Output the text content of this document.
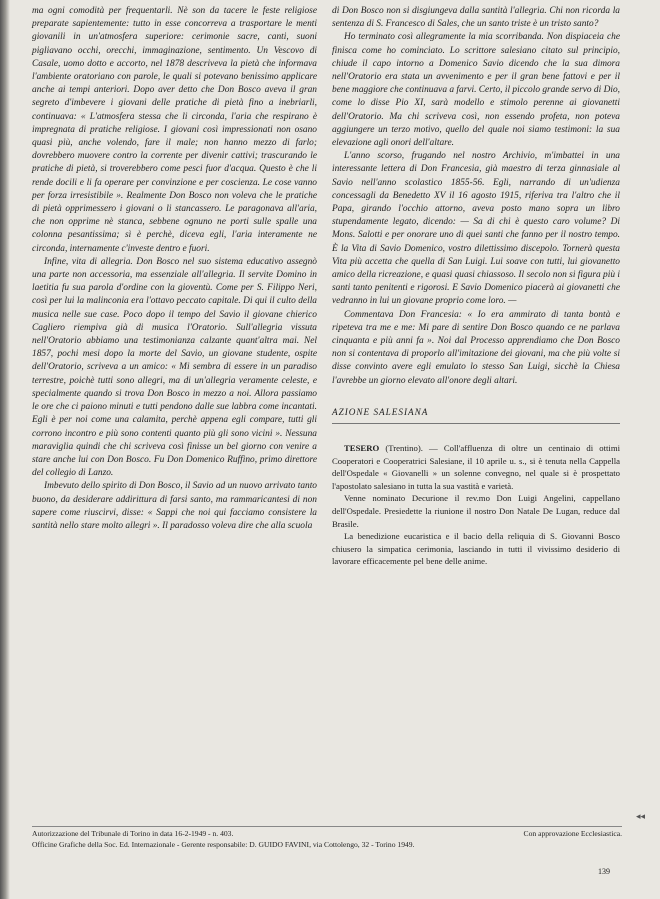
ma ogni comodità per frequentarli. Nè son da tacere le feste religiose preparate sapientemente: tutto in esse concorreva a trasportare le menti giovanili in un'atmosfera superiore: cerimonie sacre, canti, suoni pigliavano occhi, orecchi, immaginazione, sentimento. Un Vescovo di Casale, uomo dotto e accorto, nel 1878 descriveva la pietà che informava l'ambiente oratoriano con parole, le quali si potevano benissimo applicare anche ai tempi anteriori. Dopo aver detto che Don Bosco aveva il gran segreto d'imbevere i giovani delle pratiche di pietà fino a inebriarli, continuava: « L'atmosfera stessa che li circonda, l'aria che respirano è impregnata di pratiche religiose. I giovani così impressionati non osano quasi più, anche volendo, fare il male; non hanno mezzo di farlo; dovrebbero muovere contro la corrente per divenir cattivi; trascurando le pratiche di pietà, si troverebbero come pesci fuor d'acqua. Questo è che li rende docili e li fa operare per convinzione e per coscienza. Le cose vanno per forza irresistibile ». Realmente Don Bosco non voleva che le pratiche di pietà opprimessero i giovani o li stancassero. Le paragonava all'aria, che non opprime nè stanca, sebbene ognuno ne porti sulle spalle una colonna pesantissima; sì è perchè, diceva egli, l'aria interamente ne circonda, internamente c'investe dentro e fuori.

Infine, vita di allegria. Don Bosco nel suo sistema educativo assegnò una parte non accessoria, ma essenziale all'allegria. Il servite Domino in laetitia fu sua parola d'ordine con la gioventù. Come per S. Filippo Neri, così per lui la malinconia era l'ottavo peccato capitale. Di qui il culto della musica nelle sue case. Poco dopo il tempo del Savio il giovane chierico Cagliero riempiva già di musica l'Oratorio. Sull'allegria vissuta nell'Oratorio abbiamo una testimonianza calzante quant'altra mai. Nel 1857, pochi mesi dopo la morte del Savio, un giovane studente, ospite dell'Oratorio, scriveva a un amico: « Mi sembra di essere in un paradiso terrestre, poichè tutti sono allegri, ma di un'allegria veramente celeste, e specialmente quando si trova Don Bosco in mezzo a noi. Allora passiamo le ore che ci paiono minuti e tutti pendono dalle sue labbra come incantati. Egli è per noi come una calamita, perchè appena egli compare, tutti gli corrono incontro e più sono contenti quanto più gli sono vicini ». Nessuna maraviglia quindi che chi scriveva così finisse un bel giorno con venire a stare anche lui con Don Bosco. Fu Don Domenico Ruffino, primo direttore del collegio di Lanzo.

Imbevuto dello spirito di Don Bosco, il Savio ad un nuovo arrivato tanto buono, da desiderare addirittura di farsi santo, ma rammaricantesi di non sapere come riuscirvi, disse: « Sappi che noi qui facciamo consistere la santità nello stare molto allegri ». Il paradosso voleva dire che alla scuola

di Don Bosco non si disgiungeva dalla santità l'allegria. Chi non ricorda la sentenza di S. Francesco di Sales, che un santo triste è un tristo santo?

Ho terminato così allegramente la mia scorribanda. Non dispiaceia che finisca come ho cominciato. Lo scrittore salesiano citato sul principio, chiude il capo intorno a Domenico Savio dicendo che la sua dimora nell'Oratorio era stata un avvenimento e per il gran bene fattovi e per il bene maggiore che continuava a farvi. Certo, il piccolo grande servo di Dio, come lo disse Pio XI, sarà modello e stimolo perenne ai giovanetti dell'Oratorio. Ma chi scriveva così, non essendo profeta, non poteva aggiungere un terzo motivo, quello del quale noi siamo testimoni: la sua elevazione agli onori dell'altare.

L'anno scorso, frugando nel nostro Archivio, m'imbattei in una interessante lettera di Don Francesia, già maestro di terza ginnasiale al Savio nell'anno scolastico 1855-56. Egli, narrando di un'udienza concessagli da Benedetto XV il 16 agosto 1915, riferiva tra l'altro che il Papa, girando l'occhio attorno, aveva posto mano sopra un libro stupendamente legato, dicendo: — Sa di chi è questo caro volume? Di Mons. Salotti e per onorare uno di quei santi che fanno per il nostro tempo. È la Vita di Savio Domenico, vostro dilettissimo discepolo. Tornerà questa Vita più accetta che quella di San Luigi. Lui soave con tutti, lui giovanetto amico della ricreazione, e quasi quasi chiassoso. Il secolo non si figura più i santi tanto penitenti e rigorosi. E Savio Domenico piacerà ai giovanetti che vedranno in lui un giovane proprio come loro. —

Commentava Don Francesia: « Io era ammirato di tanta bontà e ripeteva tra me e me: Mi pare di sentire Don Bosco quando ce ne parlava cinquanta e più anni fa ». Noi dal Processo apprendiamo che Don Bosco non si contentava di proporlo all'imitazione dei giovani, ma che più volte si disse convinto avere egli emulato lo stesso San Luigi, sicchè la Chiesa l'avrebbe un giorno elevato all'onore degli altari.

AZIONE SALESIANA

TESERO (Trentino). — Coll'affluenza di oltre un centinaio di ottimi Cooperatori e Cooperatrici Salesiane, il 10 aprile u. s., si è tenuta nella Cappella dell'Ospedale « Giovanelli » un solenne convegno, nel quale si è prospettato l'apostolato salesiano in tutta la sua vastità e varietà.

Venne nominato Decurione il rev.mo Don Luigi Angelini, cappellano dell'Ospedale. Presiedette la riunione il nostro Don Natale De Lugan, reduce dal Brasile.

La benedizione eucaristica e il bacio della reliquia di S. Giovanni Bosco chiusero la simpatica cerimonia, lasciando in tutti il vivissimo desiderio di lavorare efficacemente pel bene delle anime.

◂◂
Autorizzazione del Tribunale di Torino in data 16-2-1949 - n. 403.	Con approvazione Ecclesiastica.
Officine Grafiche della Soc. Ed. Internazionale - Gerente responsabile: D. GUIDO FAVINI, via Cottolengo, 32 - Torino 1949.
139
